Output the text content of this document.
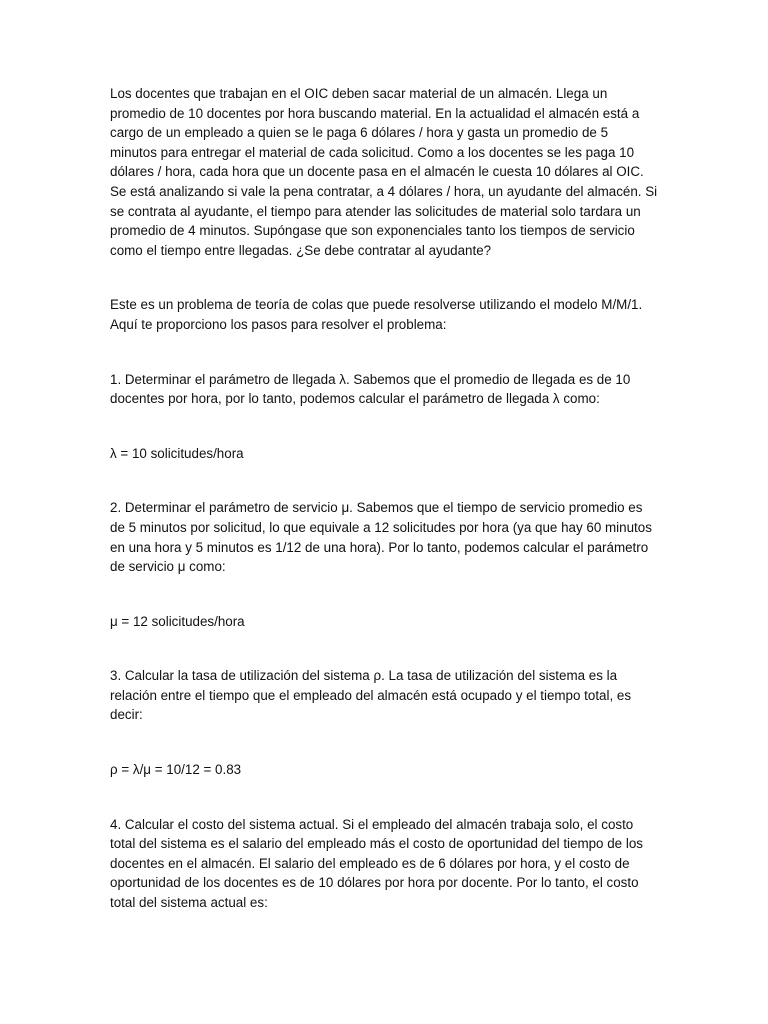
Los docentes que trabajan en el OIC deben sacar material de un almacén. Llega un promedio de 10 docentes por hora buscando material. En la actualidad el almacén está a cargo de un empleado a quien se le paga 6 dólares / hora y gasta un promedio de 5 minutos para entregar el material de cada solicitud. Como a los docentes se les paga 10 dólares / hora, cada hora que un docente pasa en el almacén le cuesta 10 dólares al OIC. Se está analizando si vale la pena contratar, a 4 dólares / hora, un ayudante del almacén. Si se contrata al ayudante, el tiempo para atender las solicitudes de material solo tardara un promedio de 4 minutos. Supóngase que son exponenciales tanto los tiempos de servicio como el tiempo entre llegadas. ¿Se debe contratar al ayudante?

Este es un problema de teoría de colas que puede resolverse utilizando el modelo M/M/1. Aquí te proporciono los pasos para resolver el problema:

1. Determinar el parámetro de llegada λ. Sabemos que el promedio de llegada es de 10 docentes por hora, por lo tanto, podemos calcular el parámetro de llegada λ como:

λ = 10 solicitudes/hora

2. Determinar el parámetro de servicio μ. Sabemos que el tiempo de servicio promedio es de 5 minutos por solicitud, lo que equivale a 12 solicitudes por hora (ya que hay 60 minutos en una hora y 5 minutos es 1/12 de una hora). Por lo tanto, podemos calcular el parámetro de servicio μ como:

μ = 12 solicitudes/hora

3. Calcular la tasa de utilización del sistema ρ. La tasa de utilización del sistema es la relación entre el tiempo que el empleado del almacén está ocupado y el tiempo total, es decir:

ρ = λ/μ = 10/12 = 0.83

4. Calcular el costo del sistema actual. Si el empleado del almacén trabaja solo, el costo total del sistema es el salario del empleado más el costo de oportunidad del tiempo de los docentes en el almacén. El salario del empleado es de 6 dólares por hora, y el costo de oportunidad de los docentes es de 10 dólares por hora por docente. Por lo tanto, el costo total del sistema actual es:
